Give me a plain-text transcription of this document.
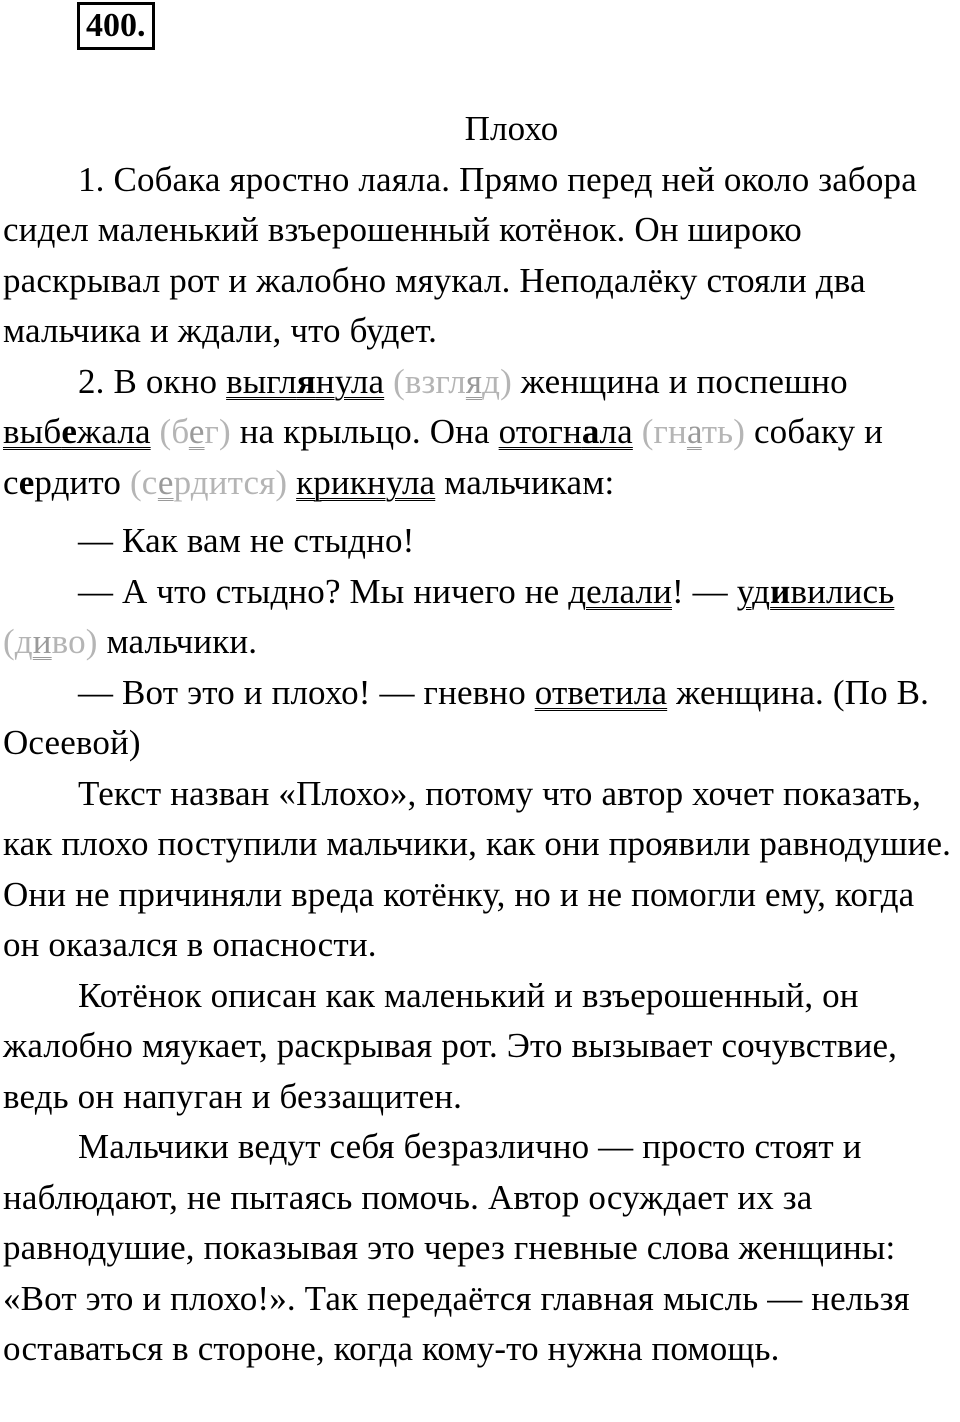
400.
Плохо

1. Собака яростно лаяла. Прямо перед ней около забора сидел маленький взъерошенный котёнок. Он широко раскрывал рот и жалобно мяукал. Неподалёку стояли два мальчика и ждали, что будет.

2. В окно выглянула (взгляд) женщина и поспешно выбежала (бег) на крыльцо. Она отогнала (гнать) собаку и сердито (сердится) крикнула мальчикам:

— Как вам не стыдно!

— А что стыдно? Мы ничего не делали! — удивились (диво) мальчики.

— Вот это и плохо! — гневно ответила женщина. (По В. Осеевой)

Текст назван «Плохо», потому что автор хочет показать, как плохо поступили мальчики, как они проявили равнодушие. Они не причиняли вреда котёнку, но и не помогли ему, когда он оказался в опасности.

Котёнок описан как маленький и взъерошенный, он жалобно мяукает, раскрывая рот. Это вызывает сочувствие, ведь он напуган и беззащитен.

Мальчики ведут себя безразлично — просто стоят и наблюдают, не пытаясь помочь. Автор осуждает их за равнодушие, показывая это через гневные слова женщины: «Вот это и плохо!». Так передаётся главная мысль — нельзя оставаться в стороне, когда кому-то нужна помощь.
